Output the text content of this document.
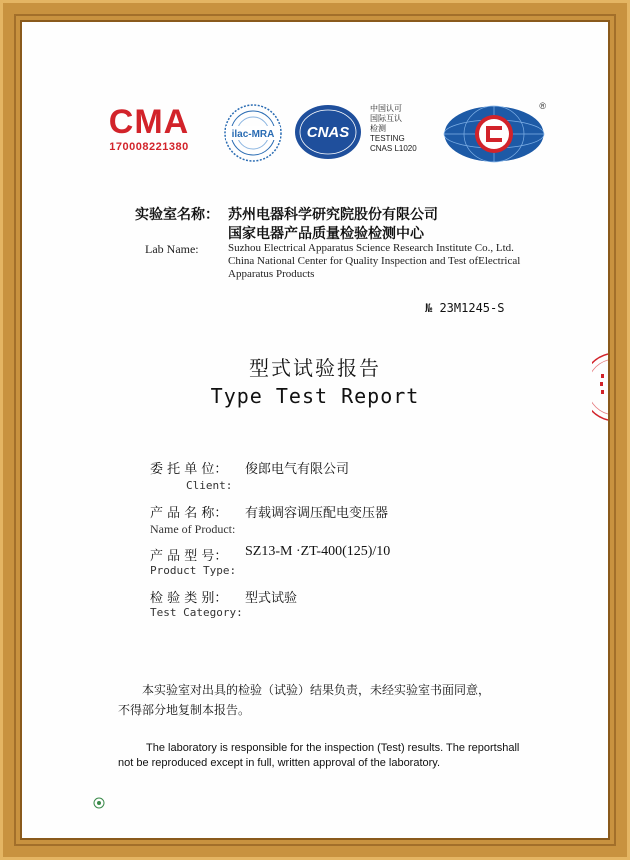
CMA
170008221380
ilac-MRA CNAS
中国认可
国际互认
检测
TESTING
CNAS L1020
®
实验室名称： 苏州电器科学研究院股份有限公司
国家电器产品质量检验检测中心
Lab Name:	Suzhou Electrical Apparatus Science Research Institute Co., Ltd.
China National Center for Quality Inspection and Test ofElectrical
Apparatus Products
№ 23M1245-S
型式试验报告
Type Test Report
委 托 单 位： 俊郎电气有限公司
Client:
产 品 名 称： 有载调容调压配电变压器
Name of Product:
产 品 型 号： SZ13-M ·ZT-400(125)/10
Product Type:
检 验 类 别： 型式试验
Test Category:
本实验室对出具的检验（试验）结果负责，未经实验室书面同意，
不得部分地复制本报告。
The laboratory is responsible for the inspection (Test) results. The reportshall
not be reproduced except in full, written approval of the laboratory.
